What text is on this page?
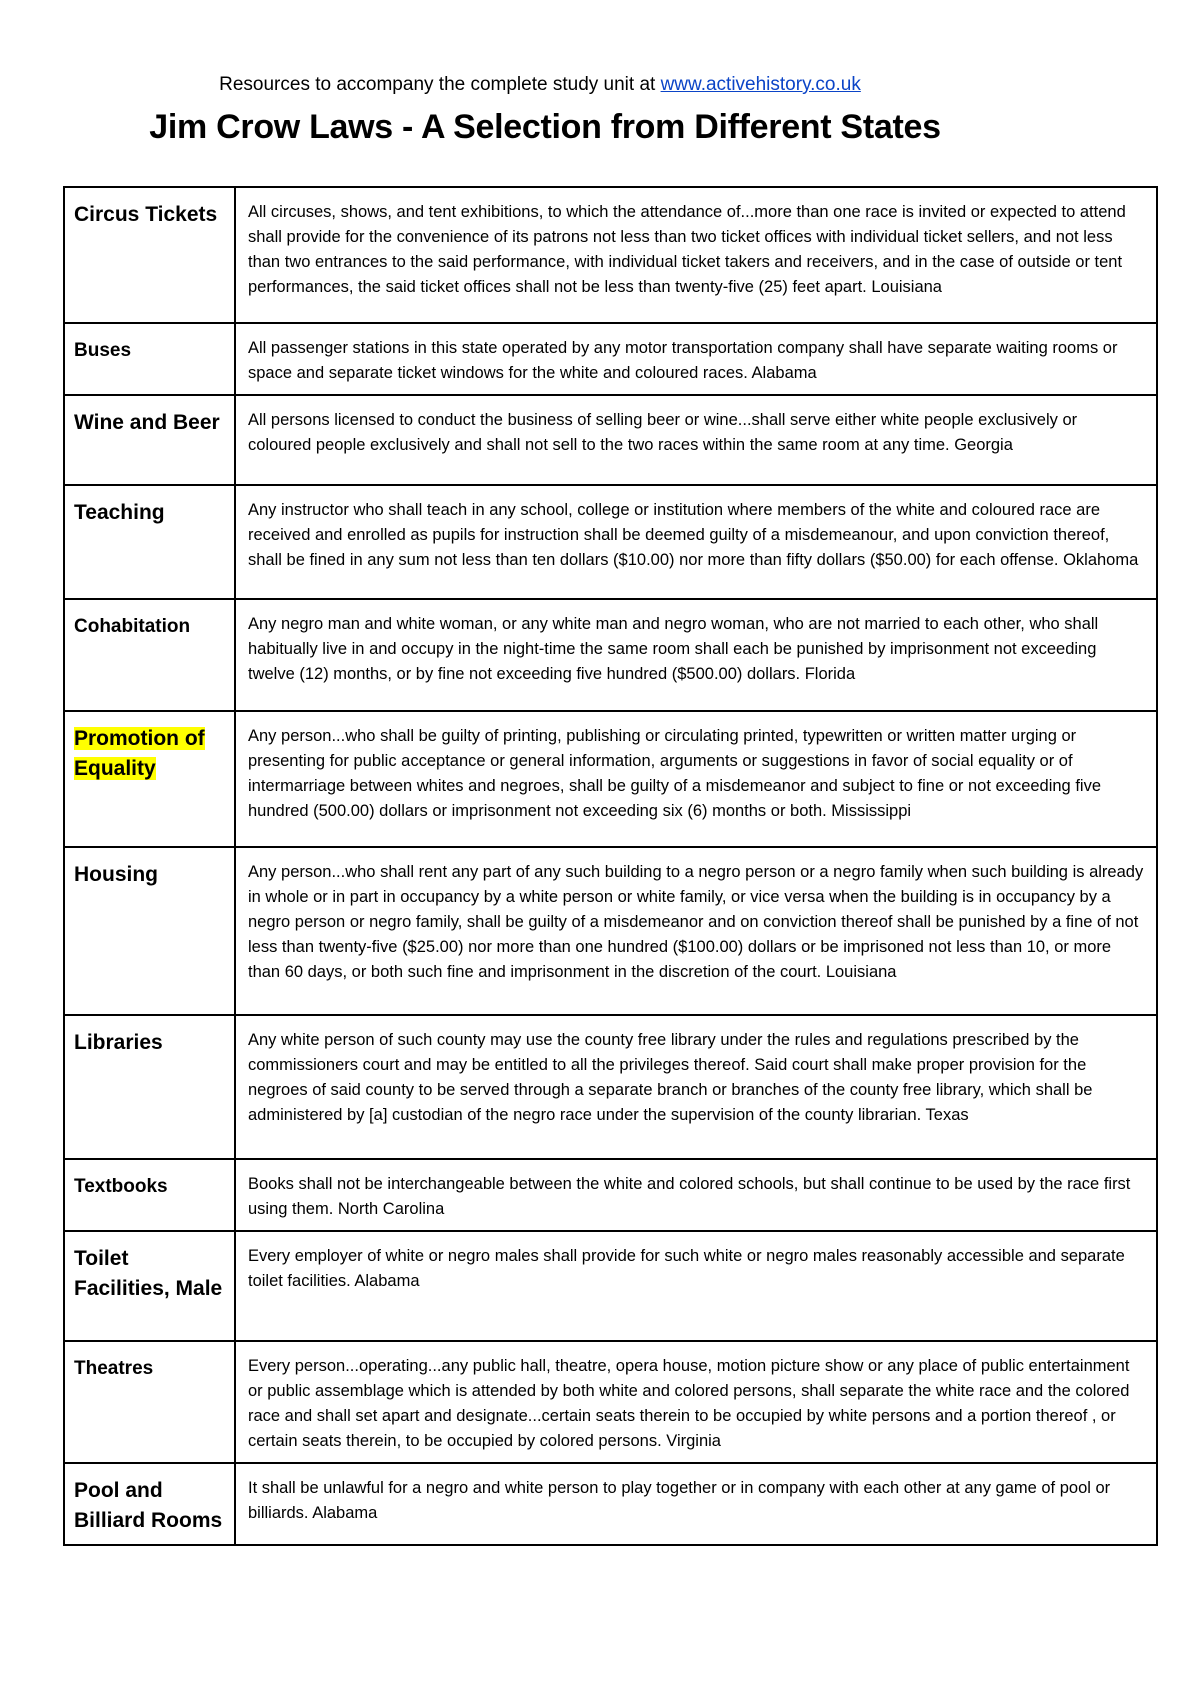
Resources to accompany the complete study unit at www.activehistory.co.uk
Jim Crow Laws - A Selection from Different States
Circus Tickets	All circuses, shows, and tent exhibitions, to which the attendance of...more than one race is invited or expected to attend shall provide for the convenience of its patrons not less than two ticket offices with individual ticket sellers, and not less than two entrances to the said performance, with individual ticket takers and receivers, and in the case of outside or tent performances, the said ticket offices shall not be less than twenty-five (25) feet apart. Louisiana
Buses	All passenger stations in this state operated by any motor transportation company shall have separate waiting rooms or space and separate ticket windows for the white and coloured races. Alabama
Wine and Beer	All persons licensed to conduct the business of selling beer or wine...shall serve either white people exclusively or coloured people exclusively and shall not sell to the two races within the same room at any time. Georgia
Teaching	Any instructor who shall teach in any school, college or institution where members of the white and coloured race are received and enrolled as pupils for instruction shall be deemed guilty of a misdemeanour, and upon conviction thereof, shall be fined in any sum not less than ten dollars ($10.00) nor more than fifty dollars ($50.00) for each offense. Oklahoma
Cohabitation	Any negro man and white woman, or any white man and negro woman, who are not married to each other, who shall habitually live in and occupy in the night-time the same room shall each be punished by imprisonment not exceeding twelve (12) months, or by fine not exceeding five hundred ($500.00) dollars. Florida
Promotion of Equality	Any person...who shall be guilty of printing, publishing or circulating printed, typewritten or written matter urging or presenting for public acceptance or general information, arguments or suggestions in favor of social equality or of intermarriage between whites and negroes, shall be guilty of a misdemeanor and subject to fine or not exceeding five hundred (500.00) dollars or imprisonment not exceeding six (6) months or both. Mississippi
Housing	Any person...who shall rent any part of any such building to a negro person or a negro family when such building is already in whole or in part in occupancy by a white person or white family, or vice versa when the building is in occupancy by a negro person or negro family, shall be guilty of a misdemeanor and on conviction thereof shall be punished by a fine of not less than twenty-five ($25.00) nor more than one hundred ($100.00) dollars or be imprisoned not less than 10, or more than 60 days, or both such fine and imprisonment in the discretion of the court. Louisiana
Libraries	Any white person of such county may use the county free library under the rules and regulations prescribed by the commissioners court and may be entitled to all the privileges thereof. Said court shall make proper provision for the negroes of said county to be served through a separate branch or branches of the county free library, which shall be administered by [a] custodian of the negro race under the supervision of the county librarian. Texas
Textbooks	Books shall not be interchangeable between the white and colored schools, but shall continue to be used by the race first using them. North Carolina
Toilet Facilities, Male	Every employer of white or negro males shall provide for such white or negro males reasonably accessible and separate toilet facilities. Alabama
Theatres	Every person...operating...any public hall, theatre, opera house, motion picture show or any place of public entertainment or public assemblage which is attended by both white and colored persons, shall separate the white race and the colored race and shall set apart and designate...certain seats therein to be occupied by white persons and a portion thereof , or certain seats therein, to be occupied by colored persons. Virginia
Pool and Billiard Rooms	It shall be unlawful for a negro and white person to play together or in company with each other at any game of pool or billiards. Alabama
